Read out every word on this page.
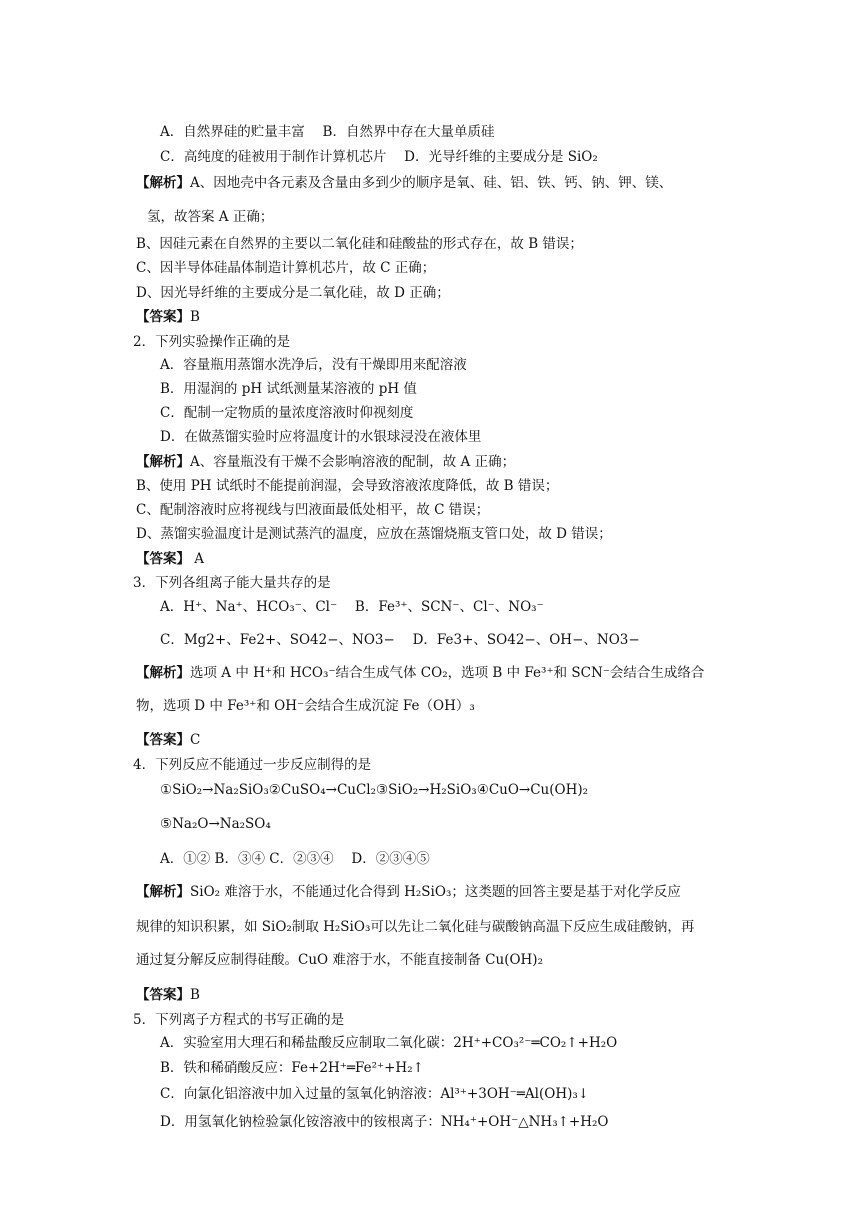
A．自然界硅的贮量丰富　 B．自然界中存在大量单质硅
C．高纯度的硅被用于制作计算机芯片　 D．光导纤维的主要成分是 SiO₂
【解析】A、因地壳中各元素及含量由多到少的顺序是氧、硅、铝、铁、钙、钠、钾、镁、
氢，故答案 A 正确；
B、因硅元素在自然界的主要以二氧化硅和硅酸盐的形式存在，故 B 错误；
C、因半导体硅晶体制造计算机芯片，故 C 正确；
D、因光导纤维的主要成分是二氧化硅，故 D 正确；
【答案】B
2．下列实验操作正确的是
A．容量瓶用蒸馏水洗净后，没有干燥即用来配溶液
B．用湿润的 pH 试纸测量某溶液的 pH 值
C．配制一定物质的量浓度溶液时仰视刻度
D．在做蒸馏实验时应将温度计的水银球浸没在液体里
【解析】A、容量瓶没有干燥不会影响溶液的配制，故 A 正确；
B、使用 PH 试纸时不能提前润湿，会导致溶液浓度降低，故 B 错误；
C、配制溶液时应将视线与凹液面最低处相平，故 C 错误；
D、蒸馏实验温度计是测试蒸汽的温度，应放在蒸馏烧瓶支管口处，故 D 错误；
【答案】 A
3．下列各组离子能大量共存的是
A．H⁺、Na⁺、HCO₃⁻、Cl⁻　 B．Fe³⁺、SCN⁻、Cl⁻、NO₃⁻
C．Mg2+、Fe2+、SO42−、NO3−　 D．Fe3+、SO42−、OH−、NO3−
【解析】选项 A 中 H⁺和 HCO₃⁻结合生成气体 CO₂，选项 B 中 Fe³⁺和 SCN⁻会结合生成络合
物，选项 D 中 Fe³⁺和 OH⁻会结合生成沉淀 Fe（OH）₃
【答案】C
4．下列反应不能通过一步反应制得的是
①SiO₂→Na₂SiO₃②CuSO₄→CuCl₂③SiO₂→H₂SiO₃④CuO→Cu(OH)₂
⑤Na₂O→Na₂SO₄
A．①② B．③④ C．②③④　 D．②③④⑤
【解析】SiO₂ 难溶于水，不能通过化合得到 H₂SiO₃；这类题的回答主要是基于对化学反应
规律的知识积累，如 SiO₂制取 H₂SiO₃可以先让二氧化硅与碳酸钠高温下反应生成硅酸钠，再
通过复分解反应制得硅酸。CuO 难溶于水，不能直接制备 Cu(OH)₂
【答案】B
5．下列离子方程式的书写正确的是
A．实验室用大理石和稀盐酸反应制取二氧化碳：2H⁺+CO₃²⁻═CO₂↑+H₂O
B．铁和稀硝酸反应：Fe+2H⁺═Fe²⁺+H₂↑
C．向氯化铝溶液中加入过量的氢氧化钠溶液：Al³⁺+3OH⁻═Al(OH)₃↓
D．用氢氧化钠检验氯化铵溶液中的铵根离子：NH₄⁺+OH⁻△NH₃↑+H₂O
